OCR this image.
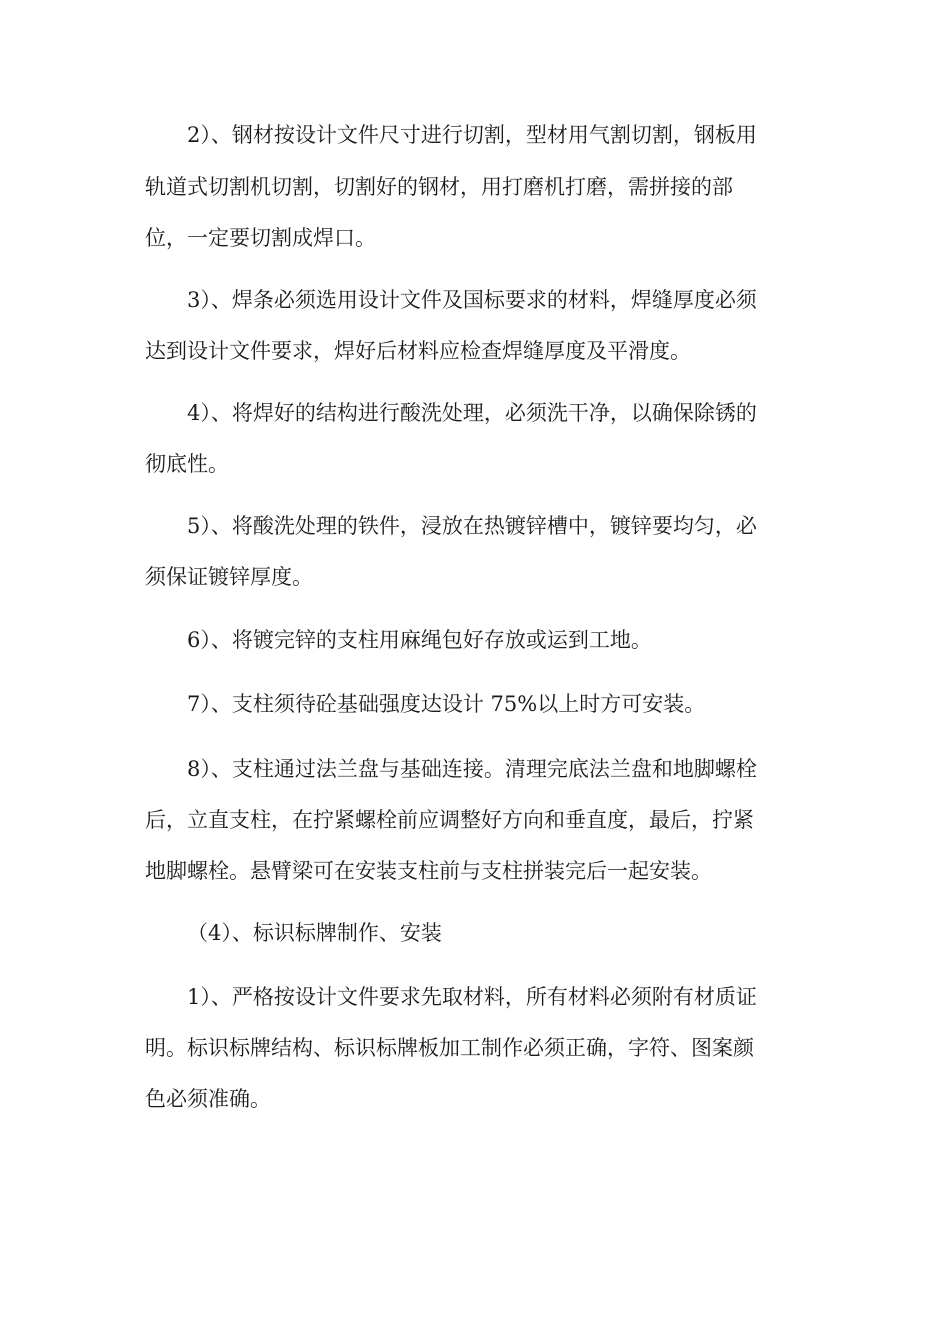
2）、钢材按设计文件尺寸进行切割，型材用气割切割，钢板用
轨道式切割机切割，切割好的钢材，用打磨机打磨，需拼接的部
位，一定要切割成焊口。
3）、焊条必须选用设计文件及国标要求的材料，焊缝厚度必须
达到设计文件要求，焊好后材料应检查焊缝厚度及平滑度。
4）、将焊好的结构进行酸洗处理，必须洗干净，以确保除锈的
彻底性。
5）、将酸洗处理的铁件，浸放在热镀锌槽中，镀锌要均匀，必
须保证镀锌厚度。
6）、将镀完锌的支柱用麻绳包好存放或运到工地。
7）、支柱须待砼基础强度达设计 75%以上时方可安装。
8）、支柱通过法兰盘与基础连接。清理完底法兰盘和地脚螺栓
后，立直支柱，在拧紧螺栓前应调整好方向和垂直度，最后，拧紧
地脚螺栓。悬臂梁可在安装支柱前与支柱拼装完后一起安装。
（4）、标识标牌制作、安装
1）、严格按设计文件要求先取材料，所有材料必须附有材质证
明。标识标牌结构、标识标牌板加工制作必须正确，字符、图案颜
色必须准确。
